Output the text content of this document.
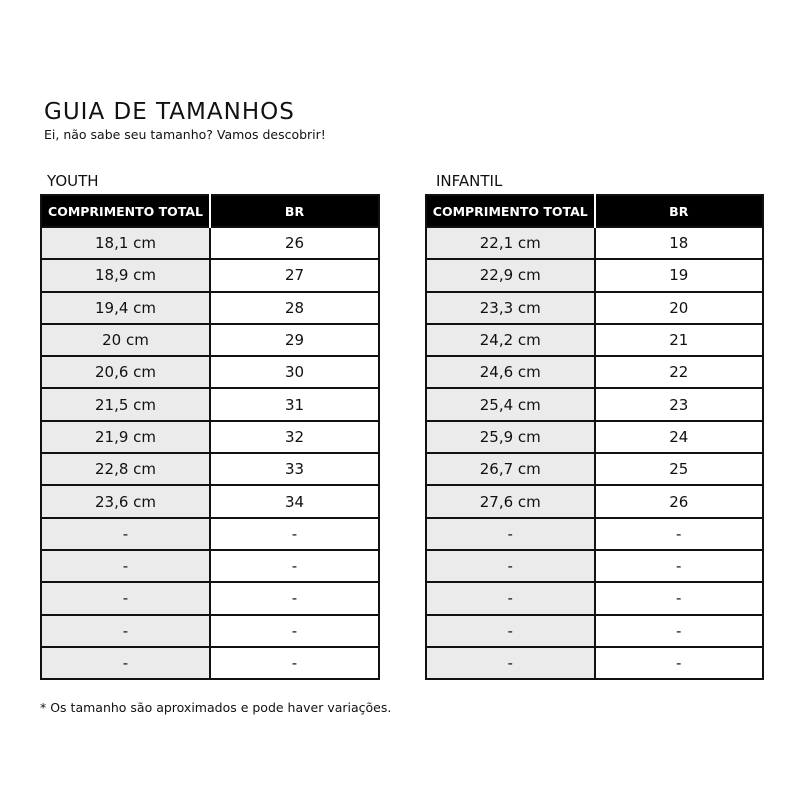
GUIA DE TAMANHOS
Ei, não sabe seu tamanho? Vamos descobrir!
YOUTH	INFANTIL
COMPRIMENTO TOTAL	BR
18,1 cm	26
18,9 cm	27
19,4 cm	28
20 cm	29
20,6 cm	30
21,5 cm	31
21,9 cm	32
22,8 cm	33
23,6 cm	34
-	-
-	-
-	-
-	-
-	-
COMPRIMENTO TOTAL	BR
22,1 cm	18
22,9 cm	19
23,3 cm	20
24,2 cm	21
24,6 cm	22
25,4 cm	23
25,9 cm	24
26,7 cm	25
27,6 cm	26
-	-
-	-
-	-
-	-
-	-
* Os tamanho são aproximados e pode haver variações.
